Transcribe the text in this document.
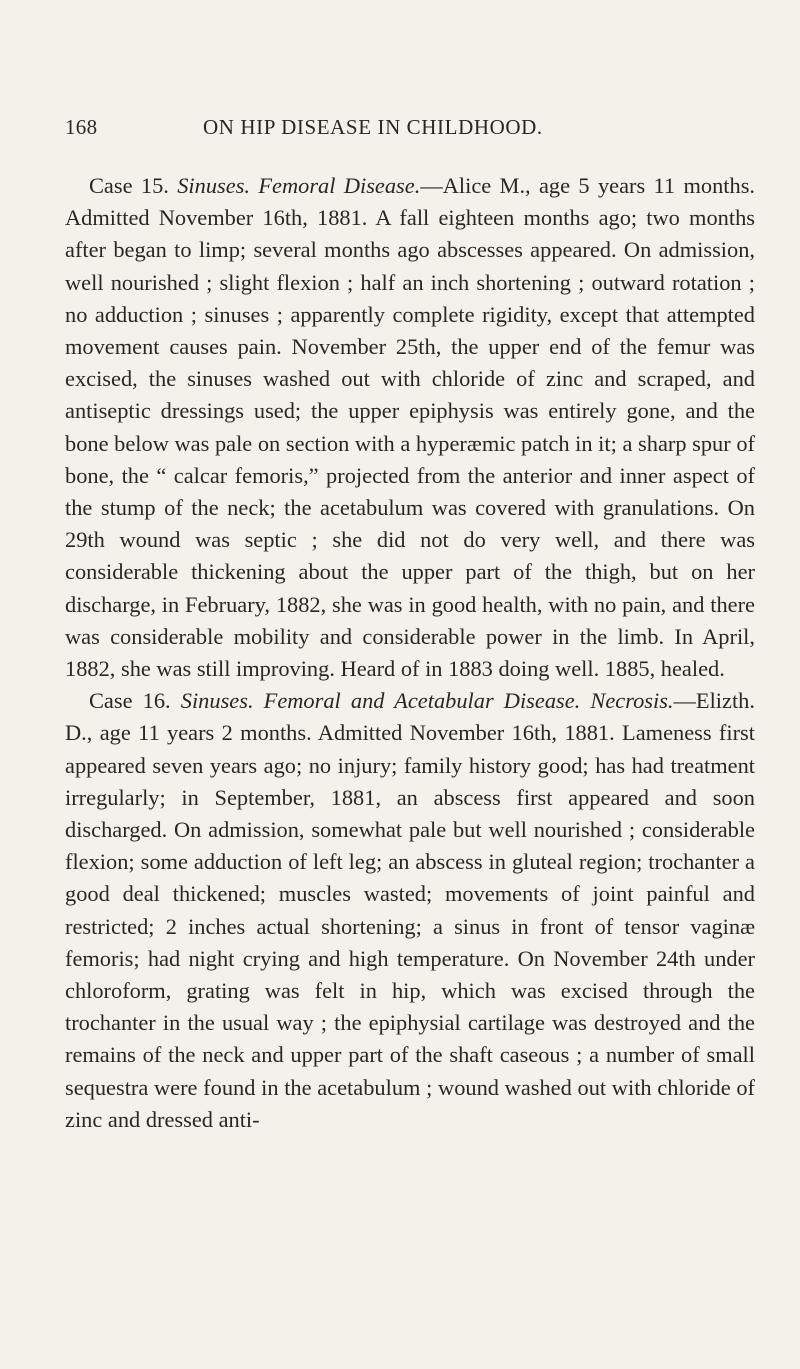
168	ON HIP DISEASE IN CHILDHOOD.

Case 15. Sinuses. Femoral Disease.—Alice M., age 5 years 11 months. Admitted November 16th, 1881. A fall eighteen months ago; two months after began to limp; several months ago abscesses appeared. On admission, well nourished ; slight flexion ; half an inch shortening ; outward rotation ; no adduction ; sinuses ; apparently complete rigidity, except that attempted movement causes pain. November 25th, the upper end of the femur was excised, the sinuses washed out with chloride of zinc and scraped, and antiseptic dressings used; the upper epiphysis was entirely gone, and the bone below was pale on section with a hyperæmic patch in it; a sharp spur of bone, the “ calcar femoris,” projected from the anterior and inner aspect of the stump of the neck; the acetabulum was covered with granulations. On 29th wound was septic ; she did not do very well, and there was considerable thickening about the upper part of the thigh, but on her discharge, in February, 1882, she was in good health, with no pain, and there was considerable mobility and considerable power in the limb. In April, 1882, she was still improving. Heard of in 1883 doing well. 1885, healed.

Case 16. Sinuses. Femoral and Acetabular Disease. Necrosis.—Elizth. D., age 11 years 2 months. Admitted November 16th, 1881. Lameness first appeared seven years ago; no injury; family history good; has had treatment irregularly; in September, 1881, an abscess first appeared and soon discharged. On admission, somewhat pale but well nourished ; considerable flexion; some adduction of left leg; an abscess in gluteal region; trochanter a good deal thickened; muscles wasted; movements of joint painful and restricted; 2 inches actual shortening; a sinus in front of tensor vaginæ femoris; had night crying and high temperature. On November 24th under chloroform, grating was felt in hip, which was excised through the trochanter in the usual way ; the epiphysial cartilage was destroyed and the remains of the neck and upper part of the shaft caseous ; a number of small sequestra were found in the acetabulum ; wound washed out with chloride of zinc and dressed anti-
